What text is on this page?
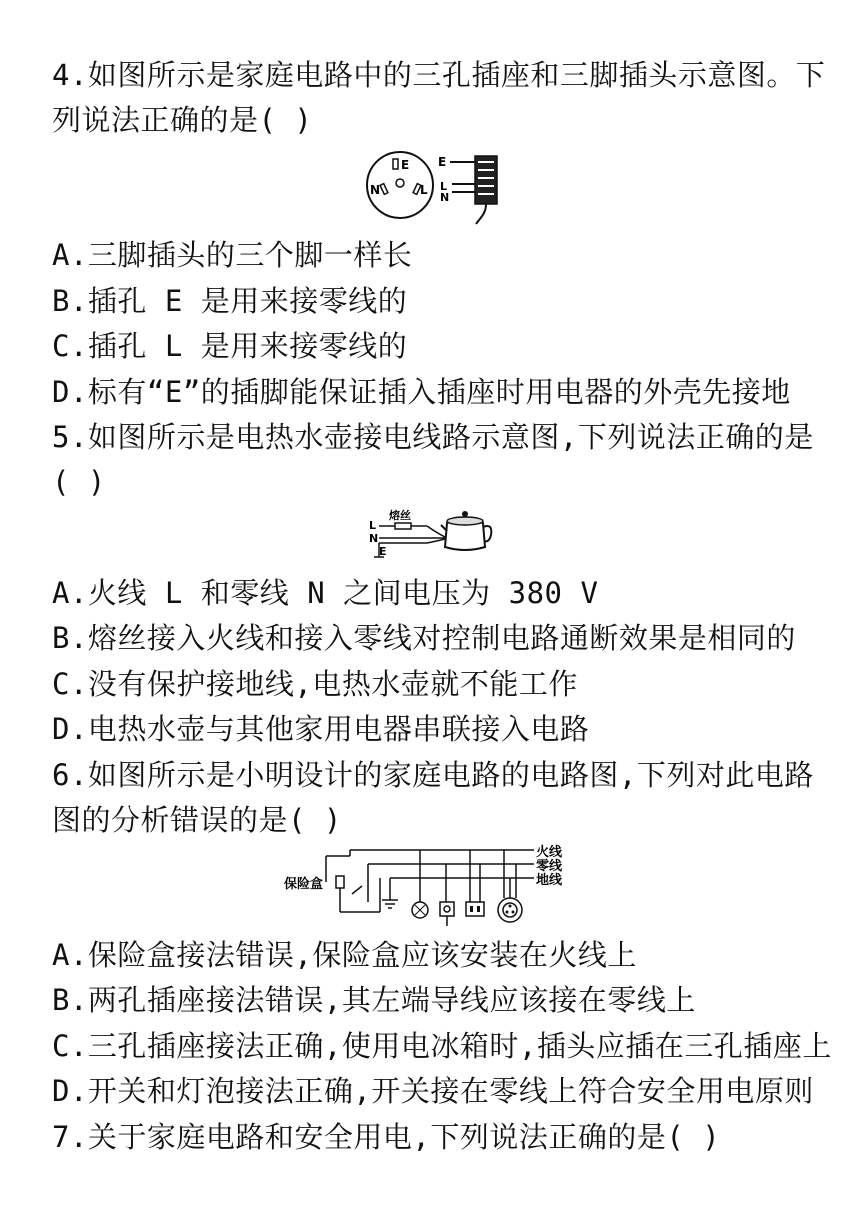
4.如图所示是家庭电路中的三孔插座和三脚插头示意图。下
列说法正确的是( )
E
N	L
E
L
N
A.三脚插头的三个脚一样长
B.插孔 E 是用来接零线的
C.插孔 L 是用来接零线的
D.标有“E”的插脚能保证插入插座时用电器的外壳先接地
5.如图所示是电热水壶接电线路示意图,下列说法正确的是
( )
熔丝
L
N
E
A.火线 L 和零线 N 之间电压为 380 V
B.熔丝接入火线和接入零线对控制电路通断效果是相同的
C.没有保护接地线,电热水壶就不能工作
D.电热水壶与其他家用电器串联接入电路
6.如图所示是小明设计的家庭电路的电路图,下列对此电路
图的分析错误的是( )
火线
零线
地线
保险盒
A.保险盒接法错误,保险盒应该安装在火线上
B.两孔插座接法错误,其左端导线应该接在零线上
C.三孔插座接法正确,使用电冰箱时,插头应插在三孔插座上
D.开关和灯泡接法正确,开关接在零线上符合安全用电原则
7.关于家庭电路和安全用电,下列说法正确的是( )
